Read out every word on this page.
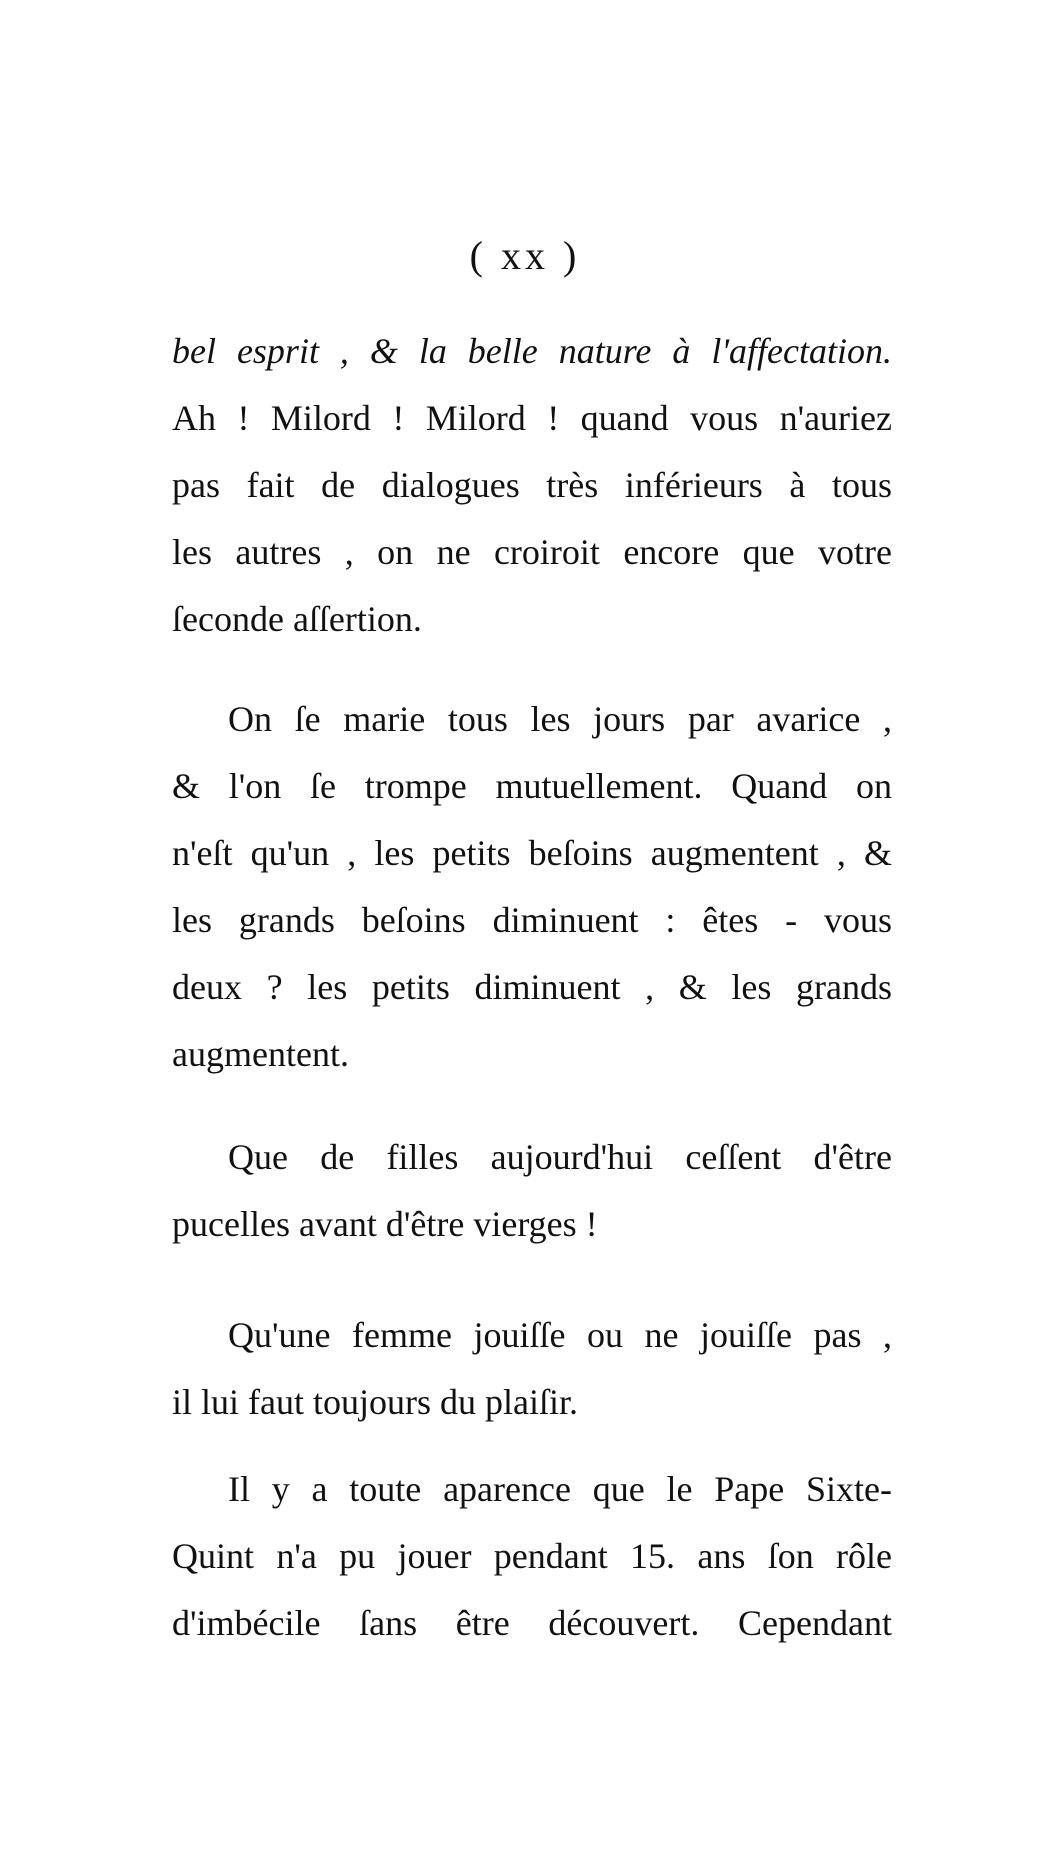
( xx )
bel esprit , & la belle nature à l'affectation.
Ah ! Milord ! Milord ! quand vous n'auriez
pas fait de dialogues très inférieurs à tous
les autres , on ne croiroit encore que votre
ſeconde aſſertion.
On ſe marie tous les jours par avarice ,
& l'on ſe trompe mutuellement. Quand on
n'eſt qu'un , les petits beſoins augmentent , &
les grands beſoins diminuent : êtes - vous
deux ? les petits diminuent , & les grands
augmentent.
Que de filles aujourd'hui ceſſent d'être
pucelles avant d'être vierges !
Qu'une femme jouiſſe ou ne jouiſſe pas ,
il lui faut toujours du plaiſir.
Il y a toute aparence que le Pape Sixte-
Quint n'a pu jouer pendant 15. ans ſon rôle
d'imbécile ſans être découvert. Cependant
